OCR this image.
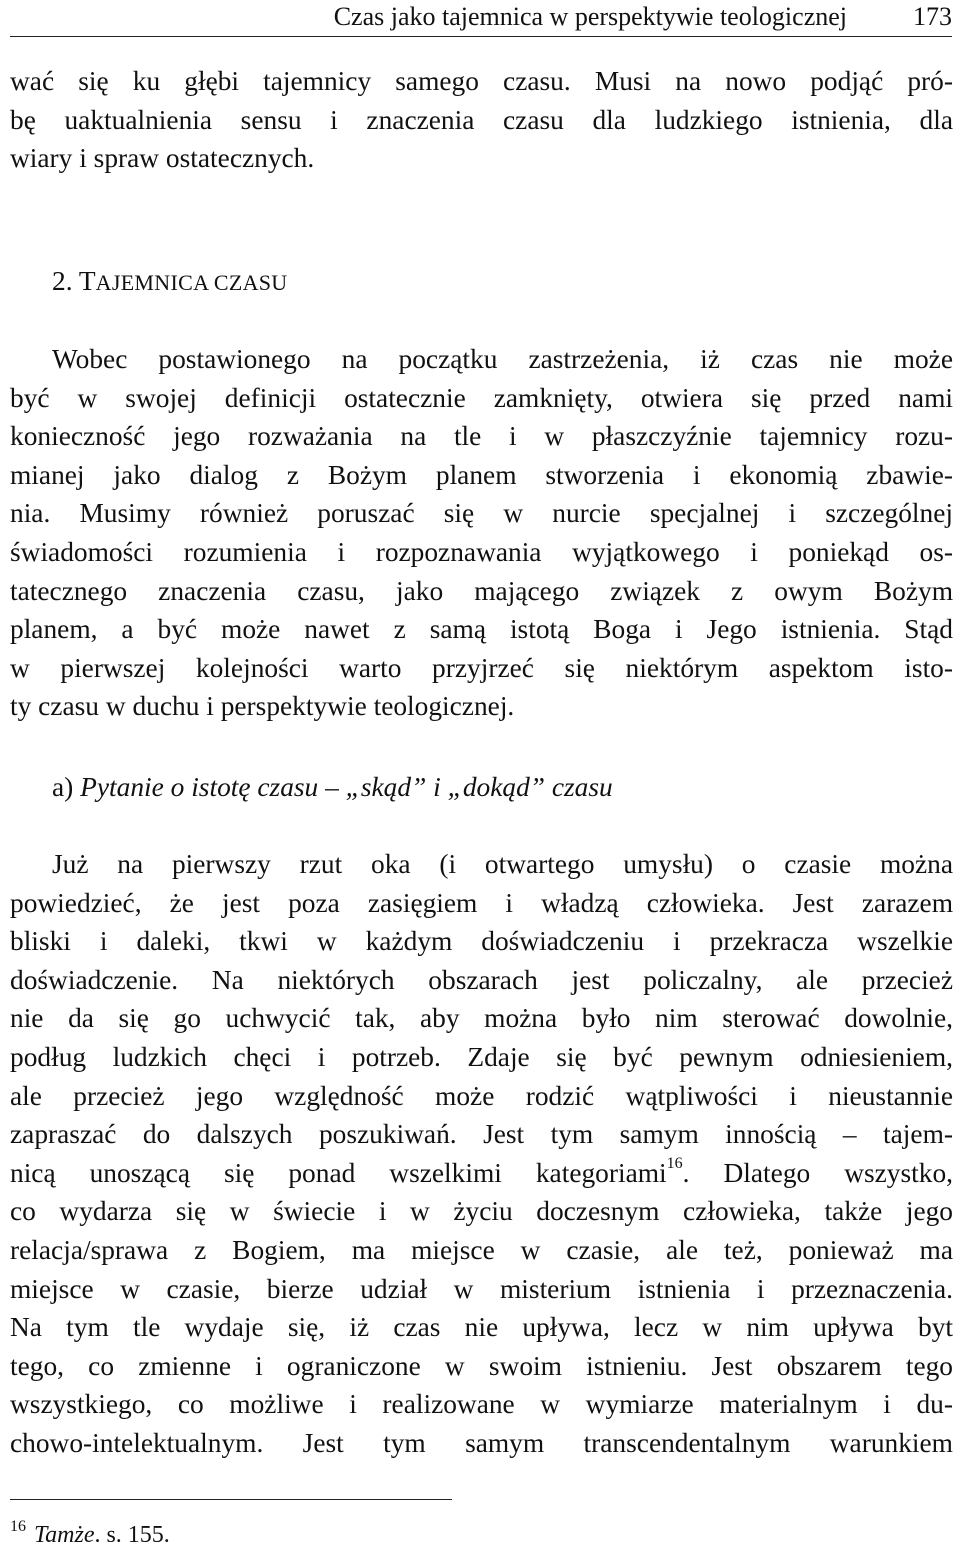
Czas jako tajemnica w perspektywie teologicznej	173

wać się ku głębi tajemnicy samego czasu. Musi na nowo podjąć pró-
bę uaktualnienia sensu i znaczenia czasu dla ludzkiego istnienia, dla
wiary i spraw ostatecznych.

2. TAJEMNICA CZASU

Wobec postawionego na początku zastrzeżenia, iż czas nie może
być w swojej definicji ostatecznie zamknięty, otwiera się przed nami
konieczność jego rozważania na tle i w płaszczyźnie tajemnicy rozu-
mianej jako dialog z Bożym planem stworzenia i ekonomią zbawie-
nia. Musimy również poruszać się w nurcie specjalnej i szczególnej
świadomości rozumienia i rozpoznawania wyjątkowego i poniekąd os-
tatecznego znaczenia czasu, jako mającego związek z owym Bożym
planem, a być może nawet z samą istotą Boga i Jego istnienia. Stąd
w pierwszej kolejności warto przyjrzeć się niektórym aspektom isto-
ty czasu w duchu i perspektywie teologicznej.

a) Pytanie o istotę czasu – „skąd” i „dokąd” czasu

Już na pierwszy rzut oka (i otwartego umysłu) o czasie można
powiedzieć, że jest poza zasięgiem i władzą człowieka. Jest zarazem
bliski i daleki, tkwi w każdym doświadczeniu i przekracza wszelkie
doświadczenie. Na niektórych obszarach jest policzalny, ale przecież
nie da się go uchwycić tak, aby można było nim sterować dowolnie,
podług ludzkich chęci i potrzeb. Zdaje się być pewnym odniesieniem,
ale przecież jego względność może rodzić wątpliwości i nieustannie
zapraszać do dalszych poszukiwań. Jest tym samym innością – tajem-
nicą unoszącą się ponad wszelkimi kategoriami$^{16}$. Dlatego wszystko,
co wydarza się w świecie i w życiu doczesnym człowieka, także jego
relacja/sprawa z Bogiem, ma miejsce w czasie, ale też, ponieważ ma
miejsce w czasie, bierze udział w misterium istnienia i przeznaczenia.
Na tym tle wydaje się, iż czas nie upływa, lecz w nim upływa byt
tego, co zmienne i ograniczone w swoim istnieniu. Jest obszarem tego
wszystkiego, co możliwe i realizowane w wymiarze materialnym i du-
chowo-intelektualnym. Jest tym samym transcendentalnym warunkiem

$^{16}$ Tamże. s. 155.
